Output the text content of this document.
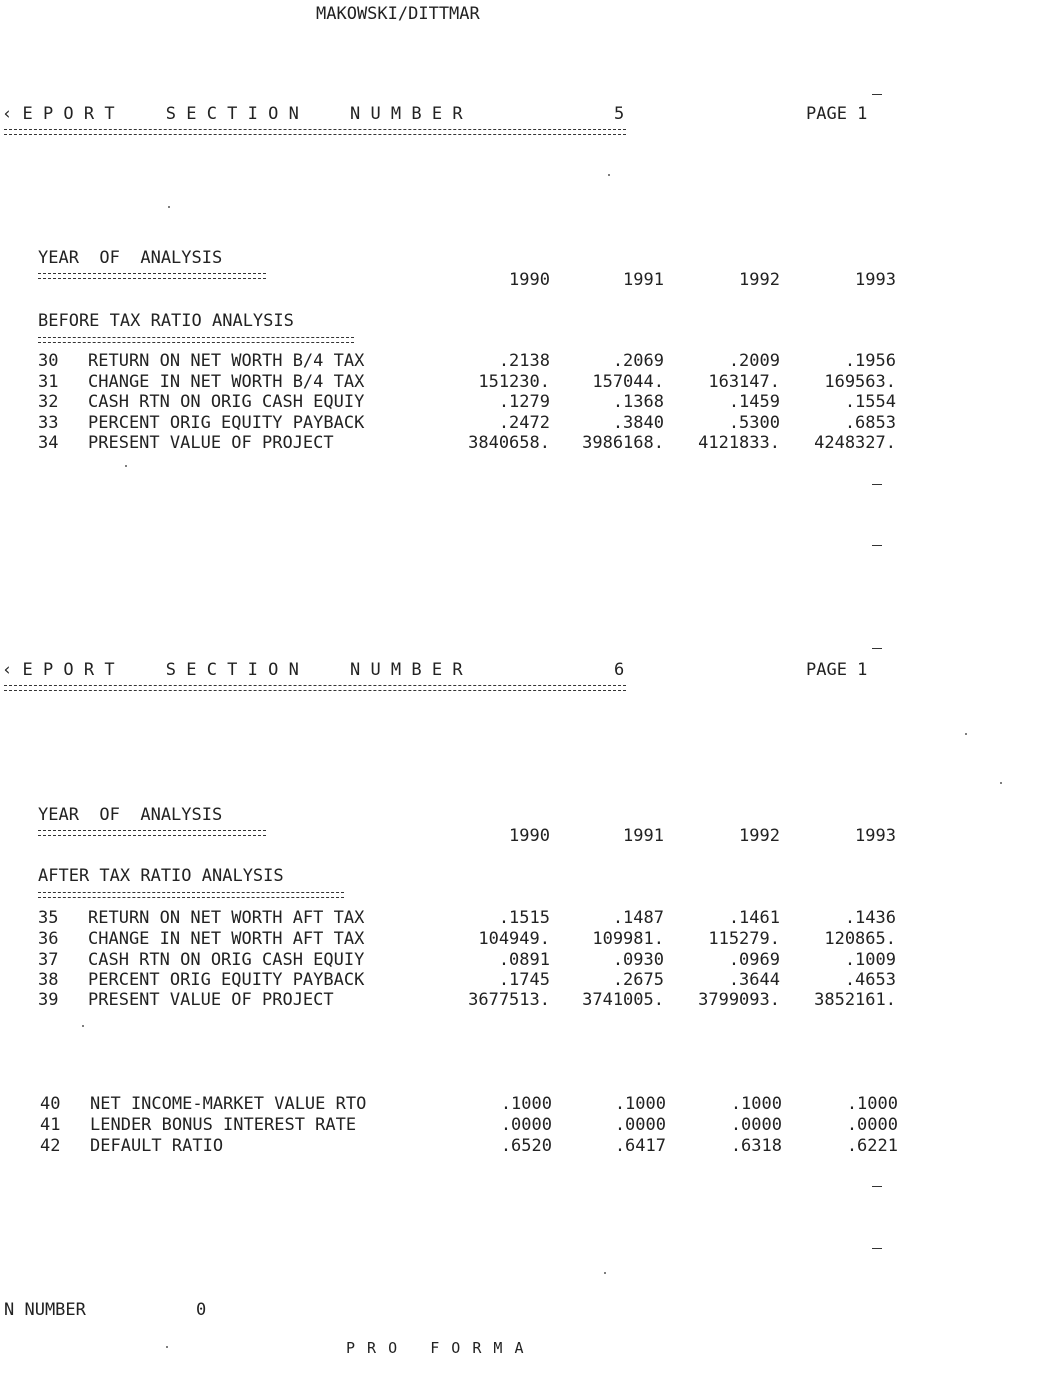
MAKOWSKI/DITTMAR
‹ E P O R T     S E C T I O N     N U M B E R	5	PAGE 1
YEAR  OF  ANALYSIS
1990	1991	1992	1993
BEFORE TAX RATIO ANALYSIS
30 RETURN ON NET WORTH B/4 TAX	.2138	.2069	.2009	.1956
31 CHANGE IN NET WORTH B/4 TAX	151230.	157044.	163147.	169563.
32 CASH RTN ON ORIG CASH EQUIY	.1279	.1368	.1459	.1554
33 PERCENT ORIG EQUITY PAYBACK	.2472	.3840	.5300	.6853
34 PRESENT VALUE OF PROJECT	3840658.	3986168.	4121833.	4248327.
‹ E P O R T     S E C T I O N     N U M B E R	6	PAGE 1
YEAR  OF  ANALYSIS
1990	1991	1992	1993
AFTER TAX RATIO ANALYSIS
35 RETURN ON NET WORTH AFT TAX	.1515	.1487	.1461	.1436
36 CHANGE IN NET WORTH AFT TAX	104949.	109981.	115279.	120865.
37 CASH RTN ON ORIG CASH EQUIY	.0891	.0930	.0969	.1009
38 PERCENT ORIG EQUITY PAYBACK	.1745	.2675	.3644	.4653
39 PRESENT VALUE OF PROJECT	3677513.	3741005.	3799093.	3852161.
40 NET INCOME-MARKET VALUE RTO	.1000	.1000	.1000	.1000
41 LENDER BONUS INTEREST RATE	.0000	.0000	.0000	.0000
42 DEFAULT RATIO	.6520	.6417	.6318	.6221
N NUMBER	0
P R O   F O R M A
